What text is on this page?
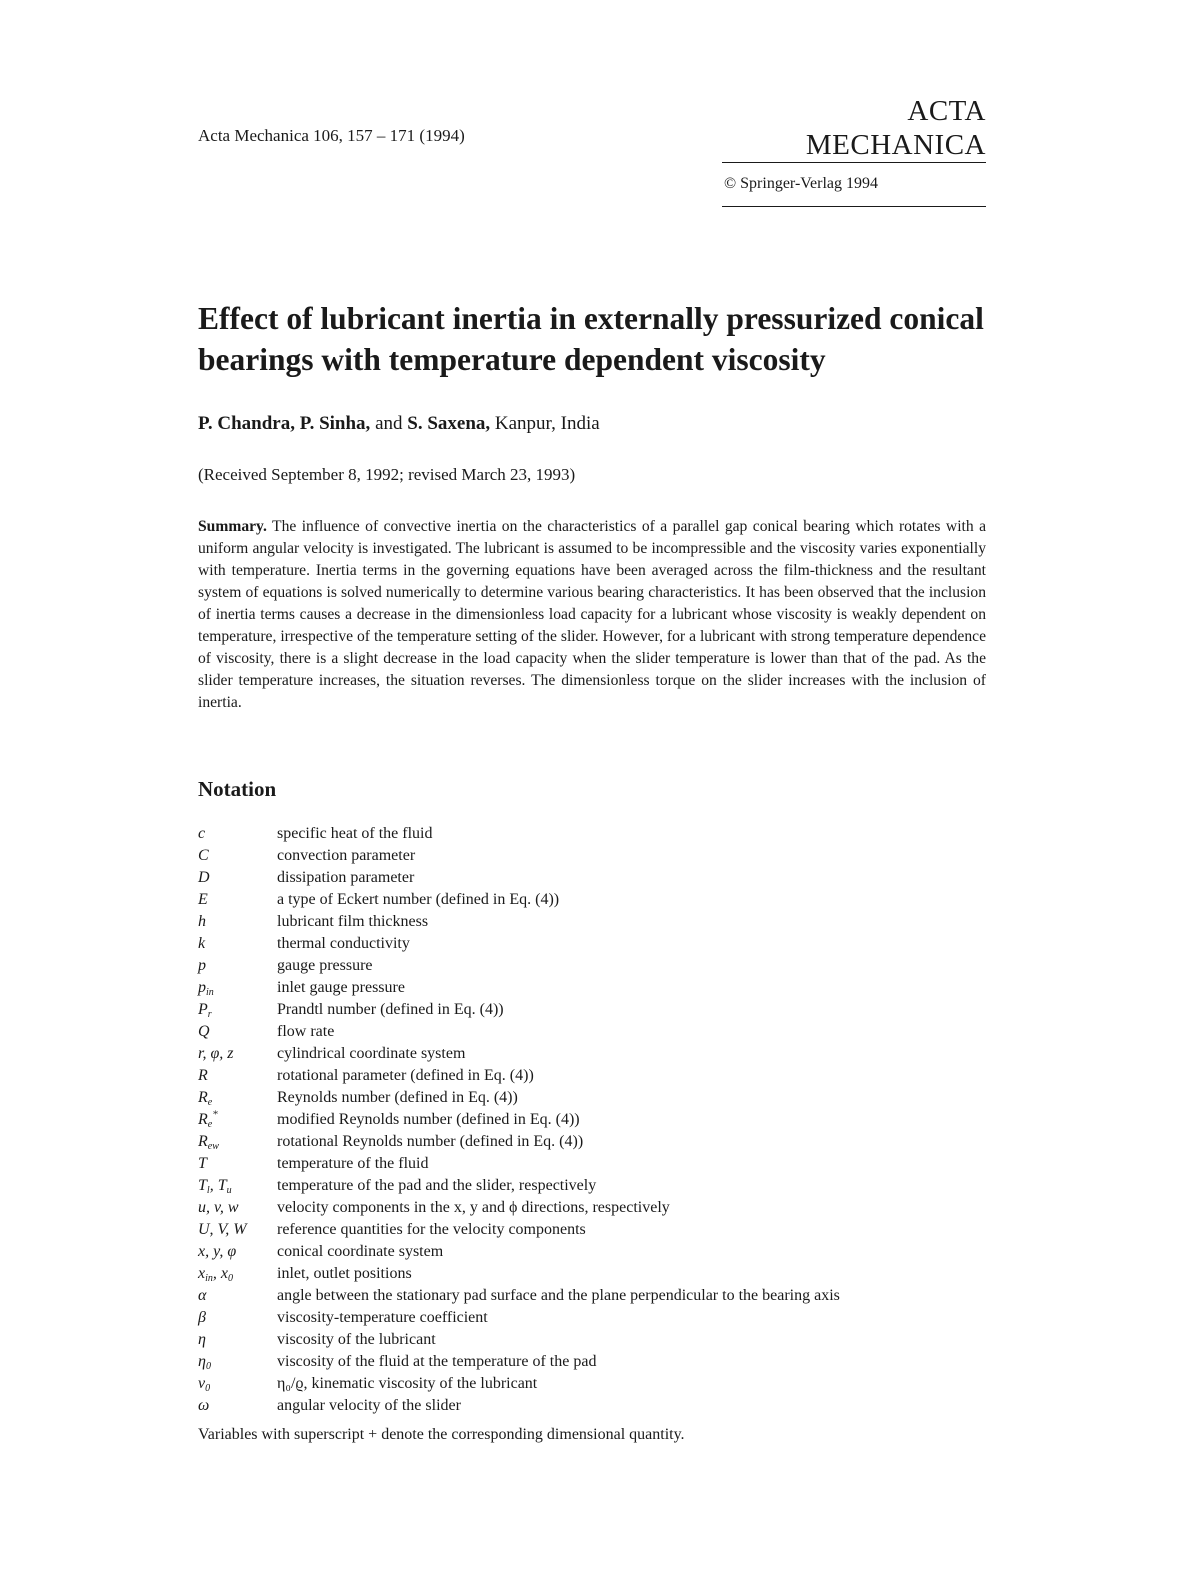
Acta Mechanica 106, 157 – 171 (1994)
ACTA MECHANICA
© Springer-Verlag 1994
Effect of lubricant inertia in externally pressurized conical bearings with temperature dependent viscosity
P. Chandra, P. Sinha, and S. Saxena, Kanpur, India
(Received September 8, 1992; revised March 23, 1993)
Summary. The influence of convective inertia on the characteristics of a parallel gap conical bearing which rotates with a uniform angular velocity is investigated. The lubricant is assumed to be incompressible and the viscosity varies exponentially with temperature. Inertia terms in the governing equations have been averaged across the film-thickness and the resultant system of equations is solved numerically to determine various bearing characteristics. It has been observed that the inclusion of inertia terms causes a decrease in the dimensionless load capacity for a lubricant whose viscosity is weakly dependent on temperature, irrespective of the temperature setting of the slider. However, for a lubricant with strong temperature dependence of viscosity, there is a slight decrease in the load capacity when the slider temperature is lower than that of the pad. As the slider temperature increases, the situation reverses. The dimensionless torque on the slider increases with the inclusion of inertia.
Notation
c	specific heat of the fluid
C	convection parameter
D	dissipation parameter
E	a type of Eckert number (defined in Eq. (4))
h	lubricant film thickness
k	thermal conductivity
p	gauge pressure
$p_{in}$	inlet gauge pressure
$P_r$	Prandtl number (defined in Eq. (4))
Q	flow rate
r, φ, z	cylindrical coordinate system
R	rotational parameter (defined in Eq. (4))
$R_e$	Reynolds number (defined in Eq. (4))
$R_e^*$	modified Reynolds number (defined in Eq. (4))
$R_{ew}$	rotational Reynolds number (defined in Eq. (4))
T	temperature of the fluid
$T_l$, $T_u$	temperature of the pad and the slider, respectively
u, v, w	velocity components in the x, y and ϕ directions, respectively
U, V, W	reference quantities for the velocity components
x, y, φ	conical coordinate system
$x_{in}$, $x_0$	inlet, outlet positions
α	angle between the stationary pad surface and the plane perpendicular to the bearing axis
β	viscosity-temperature coefficient
η	viscosity of the lubricant
$\eta_0$	viscosity of the fluid at the temperature of the pad
$\nu_0$	η₀/ϱ, kinematic viscosity of the lubricant
ω	angular velocity of the slider
Variables with superscript + denote the corresponding dimensional quantity.
